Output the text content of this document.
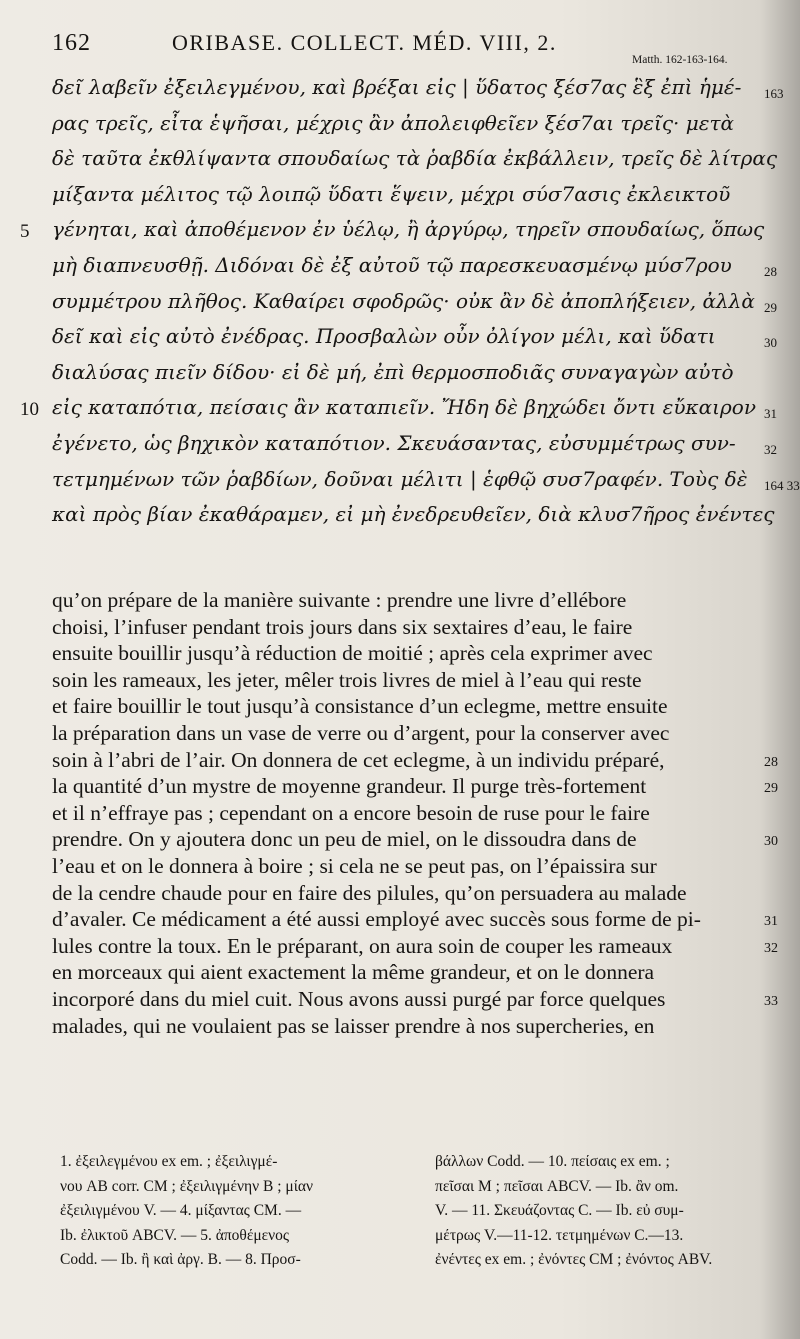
162	ORIBASE. COLLECT. MÉD. VIII, 2.
Matth. 162-163-164.
δεῖ λαβεῖν ἐξειλεγμένου, καὶ βρέξαι εἰς | ὕδατος ξέσ7ας ἓξ ἐπὶ ἡμέ- 163
ρας τρεῖς, εἶτα ἑψῆσαι, μέχρις ἂν ἀπολειφθεῖεν ξέσ7αι τρεῖς· μετὰ
δὲ ταῦτα ἐκθλίψαντα σπουδαίως τὰ ῥαβδία ἐκβάλλειν, τρεῖς δὲ λίτρας
μίξαντα μέλιτος τῷ λοιπῷ ὕδατι ἕψειν, μέχρι σύσ7ασις ἐκλεικτοῦ
γένηται, καὶ ἀποθέμενον ἐν ὑέλῳ, ἢ ἀργύρῳ, τηρεῖν σπουδαίως, ὅπως
5
μὴ διαπνευσθῇ. Διδόναι δὲ ἐξ αὐτοῦ τῷ παρεσκευασμένῳ μύσ7ρου 28
συμμέτρου πλῆθος. Καθαίρει σφοδρῶς· οὐκ ἂν δὲ ἀποπλήξειεν, ἀλλὰ 29
δεῖ καὶ εἰς αὐτὸ ἐνέδρας. Προσβαλὼν οὖν ὀλίγον μέλι, καὶ ὕδατι	30
διαλύσας πιεῖν δίδου· εἰ δὲ μή, ἐπὶ θερμοσποδιᾶς συναγαγὼν αὐτὸ
εἰς καταπότια, πείσαις ἂν καταπιεῖν. Ἤδη δὲ βηχώδει ὄντι εὔκαιρον
10	31
ἐγένετο, ὡς βηχικὸν καταπότιον. Σκευάσαντας, εὐσυμμέτρως συν- 32
τετμημένων τῶν ῥαβδίων, δοῦναι μέλιτι | ἑφθῷ συσ7ραφέν. Τοὺς δὲ 164 33
καὶ πρὸς βίαν ἐκαθάραμεν, εἰ μὴ ἐνεδρευθεῖεν, διὰ κλυσ7ῆρος ἐνέντες
qu’on prépare de la manière suivante : prendre une livre d’ellébore
choisi, l’infuser pendant trois jours dans six sextaires d’eau, le faire
ensuite bouillir jusqu’à réduction de moitié ; après cela exprimer avec
soin les rameaux, les jeter, mêler trois livres de miel à l’eau qui reste
et faire bouillir le tout jusqu’à consistance d’un eclegme, mettre ensuite
la préparation dans un vase de verre ou d’argent, pour la conserver avec
soin à l’abri de l’air. On donnera de cet eclegme, à un individu préparé,	28
la quantité d’un mystre de moyenne grandeur. Il purge très-fortement	29
et il n’effraye pas ; cependant on a encore besoin de ruse pour le faire
prendre. On y ajoutera donc un peu de miel, on le dissoudra dans de	30
l’eau et on le donnera à boire ; si cela ne se peut pas, on l’épaissira sur
de la cendre chaude pour en faire des pilules, qu’on persuadera au malade
d’avaler. Ce médicament a été aussi employé avec succès sous forme de pi-	31
lules contre la toux. En le préparant, on aura soin de couper les rameaux	32
en morceaux qui aient exactement la même grandeur, et on le donnera
incorporé dans du miel cuit. Nous avons aussi purgé par force quelques	33
malades, qui ne voulaient pas se laisser prendre à nos supercheries, en
1. ἐξειλεγμένου ex em. ; ἐξειλιγμέ-
νου AB corr. CM ; ἐξειλιγμένην B ; μίαν
ἐξειλιγμένου V. — 4. μίξαντας CM. —
Ib. ἐλικτοῦ ABCV. — 5. ἀποθέμενος
Codd. — Ib. ἢ καὶ ἀργ. B. — 8. Προσ-
βάλλων Codd. — 10. πείσαις ex em. ;
πεῖσαι M ; πεῖσαι ABCV. — Ib. ἂν om.
V. — 11. Σκευάζοντας C. — Ib. εὐ συμ-
μέτρως V.—11-12. τετμημένων C.—13.
ἐνέντες ex em. ; ἐνόντες CM ; ἐνόντος ABV.
